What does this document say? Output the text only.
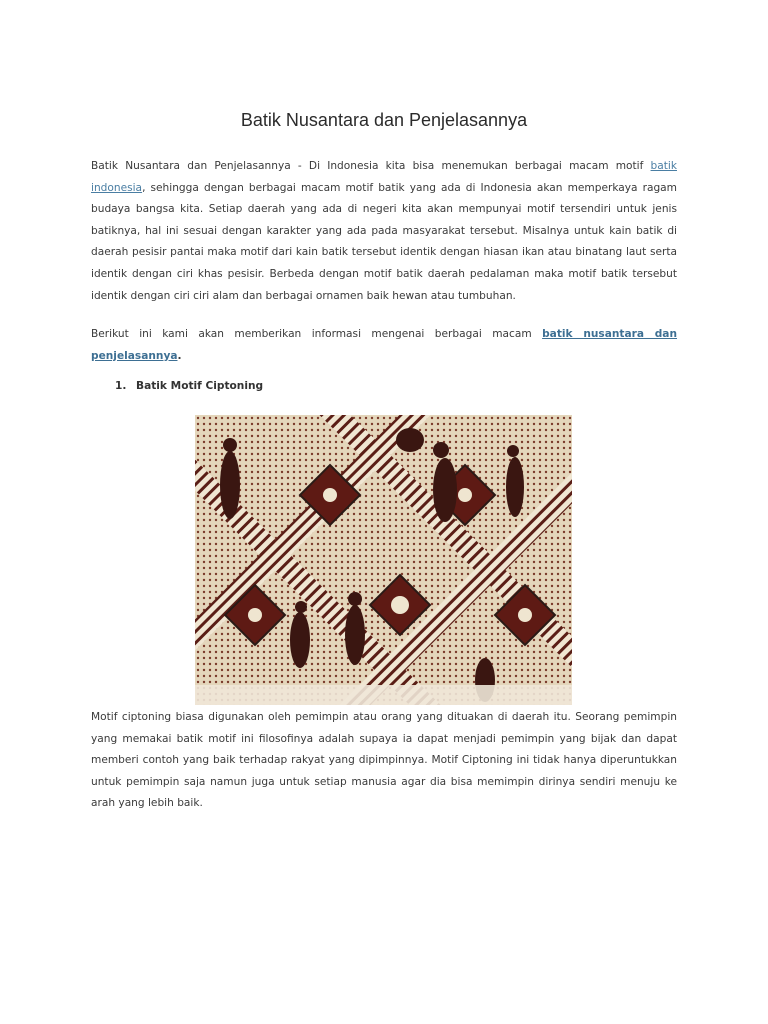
Batik Nusantara dan Penjelasannya

Batik Nusantara dan Penjelasannya - Di Indonesia kita bisa menemukan berbagai macam motif batik indonesia, sehingga dengan berbagai macam motif batik yang ada di Indonesia akan memperkaya ragam budaya bangsa kita. Setiap daerah yang ada di negeri kita akan mempunyai motif tersendiri untuk jenis batiknya, hal ini sesuai dengan karakter yang ada pada masyarakat tersebut. Misalnya untuk kain batik di daerah pesisir pantai maka motif dari kain batik tersebut identik dengan hiasan ikan atau binatang laut serta identik dengan ciri khas pesisir. Berbeda dengan motif batik daerah pedalaman maka motif batik tersebut identik dengan ciri ciri alam dan berbagai ornamen baik hewan atau tumbuhan.

Berikut ini kami akan memberikan informasi mengenai berbagai macam batik nusantara dan penjelasannya.

1. Batik Motif Ciptoning

Motif ciptoning biasa digunakan oleh pemimpin atau orang yang dituakan di daerah itu. Seorang pemimpin yang memakai batik motif ini filosofinya adalah supaya ia dapat menjadi pemimpin yang bijak dan dapat memberi contoh yang baik terhadap rakyat yang dipimpinnya. Motif Ciptoning ini tidak hanya diperuntukkan untuk pemimpin saja namun juga untuk setiap manusia agar dia bisa memimpin dirinya sendiri menuju ke arah yang lebih baik.
